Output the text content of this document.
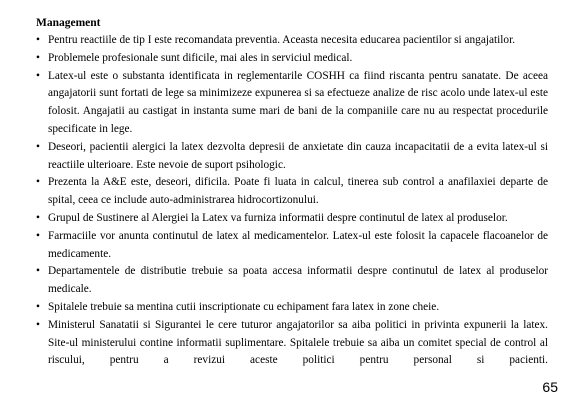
Management
• Pentru reactiile de tip I este recomandata preventia. Aceasta necesita educarea pacientilor si angajatilor.
• Problemele profesionale sunt dificile, mai ales in serviciul medical.
• Latex-ul este o substanta identificata in reglementarile COSHH ca fiind riscanta pentru sanatate. De aceea angajatorii sunt fortati de lege sa minimizeze expunerea si sa efectueze analize de risc acolo unde latex-ul este folosit. Angajatii au castigat in instanta sume mari de bani de la companiile care nu au respectat procedurile specificate in lege.
• Deseori, pacientii alergici la latex dezvolta depresii de anxietate din cauza incapacitatii de a evita latex-ul si reactiile ulterioare. Este nevoie de suport psihologic.
• Prezenta la A&E este, deseori, dificila. Poate fi luata in calcul, tinerea sub control a anafilaxiei departe de spital, ceea ce include auto-administrarea hidrocortizonului.
• Grupul de Sustinere al Alergiei la Latex va furniza informatii despre continutul de latex al produselor.
• Farmaciile vor anunta continutul de latex al medicamentelor. Latex-ul este folosit la capacele flacoanelor de medicamente.
• Departamentele de distributie trebuie sa poata accesa informatii despre continutul de latex al produselor medicale.
• Spitalele trebuie sa mentina cutii inscriptionate cu echipament fara latex in zone cheie.
• Ministerul Sanatatii si Sigurantei le cere tuturor angajatorilor sa aiba politici in privinta expunerii la latex. Site-ul ministerului contine informatii suplimentare. Spitalele trebuie sa aiba un comitet special de control al riscului, pentru a revizui aceste politici pentru personal si pacienti.
65
